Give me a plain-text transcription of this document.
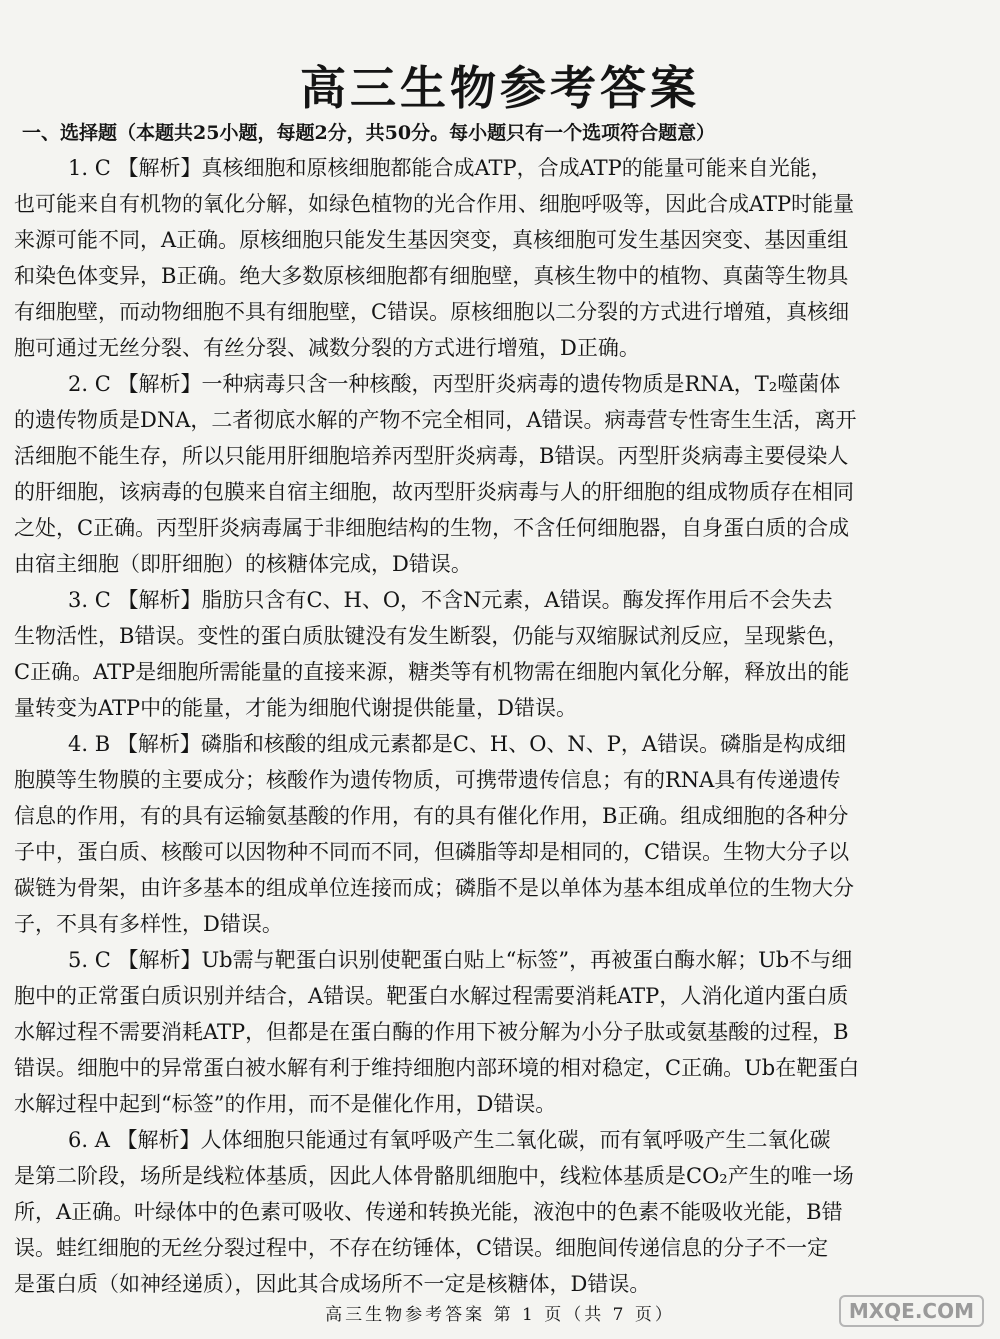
高三生物参考答案
一、选择题（本题共25小题，每题2分，共50分。每小题只有一个选项符合题意）
1. C 【解析】真核细胞和原核细胞都能合成ATP，合成ATP的能量可能来自光能，
也可能来自有机物的氧化分解，如绿色植物的光合作用、细胞呼吸等，因此合成ATP时能量
来源可能不同，A正确。原核细胞只能发生基因突变，真核细胞可发生基因突变、基因重组
和染色体变异，B正确。绝大多数原核细胞都有细胞壁，真核生物中的植物、真菌等生物具
有细胞壁，而动物细胞不具有细胞壁，C错误。原核细胞以二分裂的方式进行增殖，真核细
胞可通过无丝分裂、有丝分裂、减数分裂的方式进行增殖，D正确。
2. C 【解析】一种病毒只含一种核酸，丙型肝炎病毒的遗传物质是RNA，T₂噬菌体
的遗传物质是DNA，二者彻底水解的产物不完全相同，A错误。病毒营专性寄生生活，离开
活细胞不能生存，所以只能用肝细胞培养丙型肝炎病毒，B错误。丙型肝炎病毒主要侵染人
的肝细胞，该病毒的包膜来自宿主细胞，故丙型肝炎病毒与人的肝细胞的组成物质存在相同
之处，C正确。丙型肝炎病毒属于非细胞结构的生物，不含任何细胞器，自身蛋白质的合成
由宿主细胞（即肝细胞）的核糖体完成，D错误。
3. C 【解析】脂肪只含有C、H、O，不含N元素，A错误。酶发挥作用后不会失去
生物活性，B错误。变性的蛋白质肽键没有发生断裂，仍能与双缩脲试剂反应，呈现紫色，
C正确。ATP是细胞所需能量的直接来源，糖类等有机物需在细胞内氧化分解，释放出的能
量转变为ATP中的能量，才能为细胞代谢提供能量，D错误。
4. B 【解析】磷脂和核酸的组成元素都是C、H、O、N、P，A错误。磷脂是构成细
胞膜等生物膜的主要成分；核酸作为遗传物质，可携带遗传信息；有的RNA具有传递遗传
信息的作用，有的具有运输氨基酸的作用，有的具有催化作用，B正确。组成细胞的各种分
子中，蛋白质、核酸可以因物种不同而不同，但磷脂等却是相同的，C错误。生物大分子以
碳链为骨架，由许多基本的组成单位连接而成；磷脂不是以单体为基本组成单位的生物大分
子，不具有多样性，D错误。
5. C 【解析】Ub需与靶蛋白识别使靶蛋白贴上“标签”，再被蛋白酶水解；Ub不与细
胞中的正常蛋白质识别并结合，A错误。靶蛋白水解过程需要消耗ATP，人消化道内蛋白质
水解过程不需要消耗ATP，但都是在蛋白酶的作用下被分解为小分子肽或氨基酸的过程，B
错误。细胞中的异常蛋白被水解有利于维持细胞内部环境的相对稳定，C正确。Ub在靶蛋白
水解过程中起到“标签”的作用，而不是催化作用，D错误。
6. A 【解析】人体细胞只能通过有氧呼吸产生二氧化碳，而有氧呼吸产生二氧化碳
是第二阶段，场所是线粒体基质，因此人体骨骼肌细胞中，线粒体基质是CO₂产生的唯一场
所，A正确。叶绿体中的色素可吸收、传递和转换光能，液泡中的色素不能吸收光能，B错
误。蛙红细胞的无丝分裂过程中，不存在纺锤体，C错误。细胞间传递信息的分子不一定
是蛋白质（如神经递质），因此其合成场所不一定是核糖体，D错误。
高三生物参考答案 第 1 页（共 7 页）	MXQE.COM
